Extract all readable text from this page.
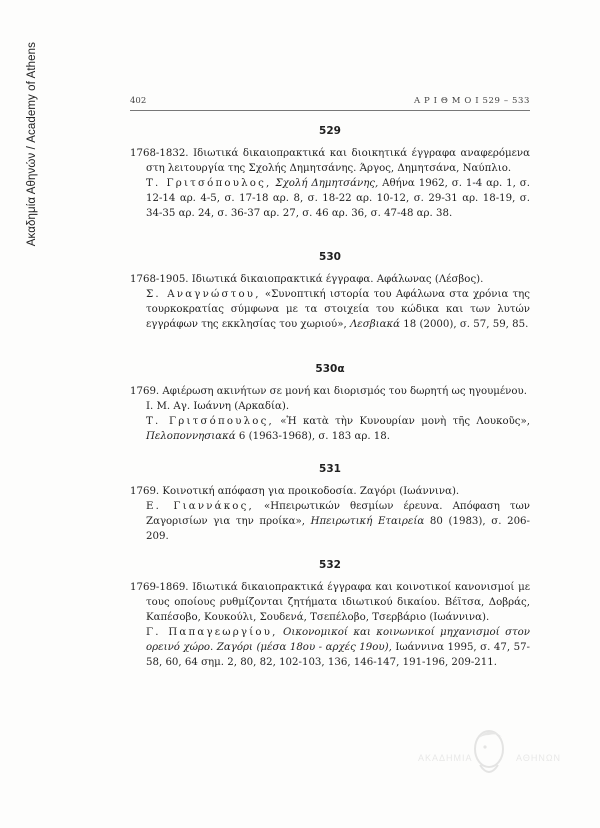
Ακαδημία Αθηνών / Academy of Athens	402	Α Ρ Ι Θ Μ Ο Ι 529 – 533
529

1768-1832. Ιδιωτικά δικαιοπρακτικά και διοικητικά έγγραφα αναφερόμενα στη λειτουργία της Σχολής Δημητσάνης. Άργος, Δημητσάνα, Ναύπλιο.

Τ. Γριτσόπουλος, Σχολή Δημητσάνης, Αθήνα 1962, σ. 1-4 αρ. 1, σ. 12-14 αρ. 4-5, σ. 17-18 αρ. 8, σ. 18-22 αρ. 10-12, σ. 29-31 αρ. 18-19, σ. 34-35 αρ. 24, σ. 36-37 αρ. 27, σ. 46 αρ. 36, σ. 47-48 αρ. 38.

530

1768-1905. Ιδιωτικά δικαιοπρακτικά έγγραφα. Αφάλωνας (Λέσβος).

Σ. Αναγνώστου, «Συνοπτική ιστορία του Αφάλωνα στα χρόνια της τουρκοκρατίας σύμφωνα με τα στοιχεία του κώδικα και των λυτών εγγράφων της εκκλησίας του χωριού», Λεσβιακά 18 (2000), σ. 57, 59, 85.

530α

1769. Αφιέρωση ακινήτων σε μονή και διορισμός του δωρητή ως ηγουμένου.

Ι. Μ. Αγ. Ιωάννη (Αρκαδία).

Τ. Γριτσόπουλος, «Ἡ κατὰ τὴν Κυνουρίαν μονὴ τῆς Λουκοῦς», Πελοποννησιακά 6 (1963-1968), σ. 183 αρ. 18.

531

1769. Κοινοτική απόφαση για προικοδοσία. Ζαγόρι (Ιωάννινα).

Ε. Γιαννάκος, «Ηπειρωτικών θεσμίων έρευνα. Απόφαση των Ζαγορισίων για την προίκα», Ηπειρωτική Εταιρεία 80 (1983), σ. 206-209.

532

1769-1869. Ιδιωτικά δικαιοπρακτικά έγγραφα και κοινοτικοί κανονισμοί με τους οποίους ρυθμίζονται ζητήματα ιδιωτικού δικαίου. Βέϊτσα, Δοβράς, Καπέσοβο, Κουκούλι, Σουδενά, Τσεπέλοβο, Τσερβάριο (Ιωάννινα).

Γ. Παπαγεωργίου, Οικονομικοί και κοινωνικοί μηχανισμοί στον ορεινό χώρο. Ζαγόρι (μέσα 18ου - αρχές 19ου), Ιωάννινα 1995, σ. 47, 57-58, 60, 64 σημ. 2, 80, 82, 102-103, 136, 146-147, 191-196, 209-211.

ΑΚΑΔΗΜΙΑ	ΑΘΗΝΩΝ
